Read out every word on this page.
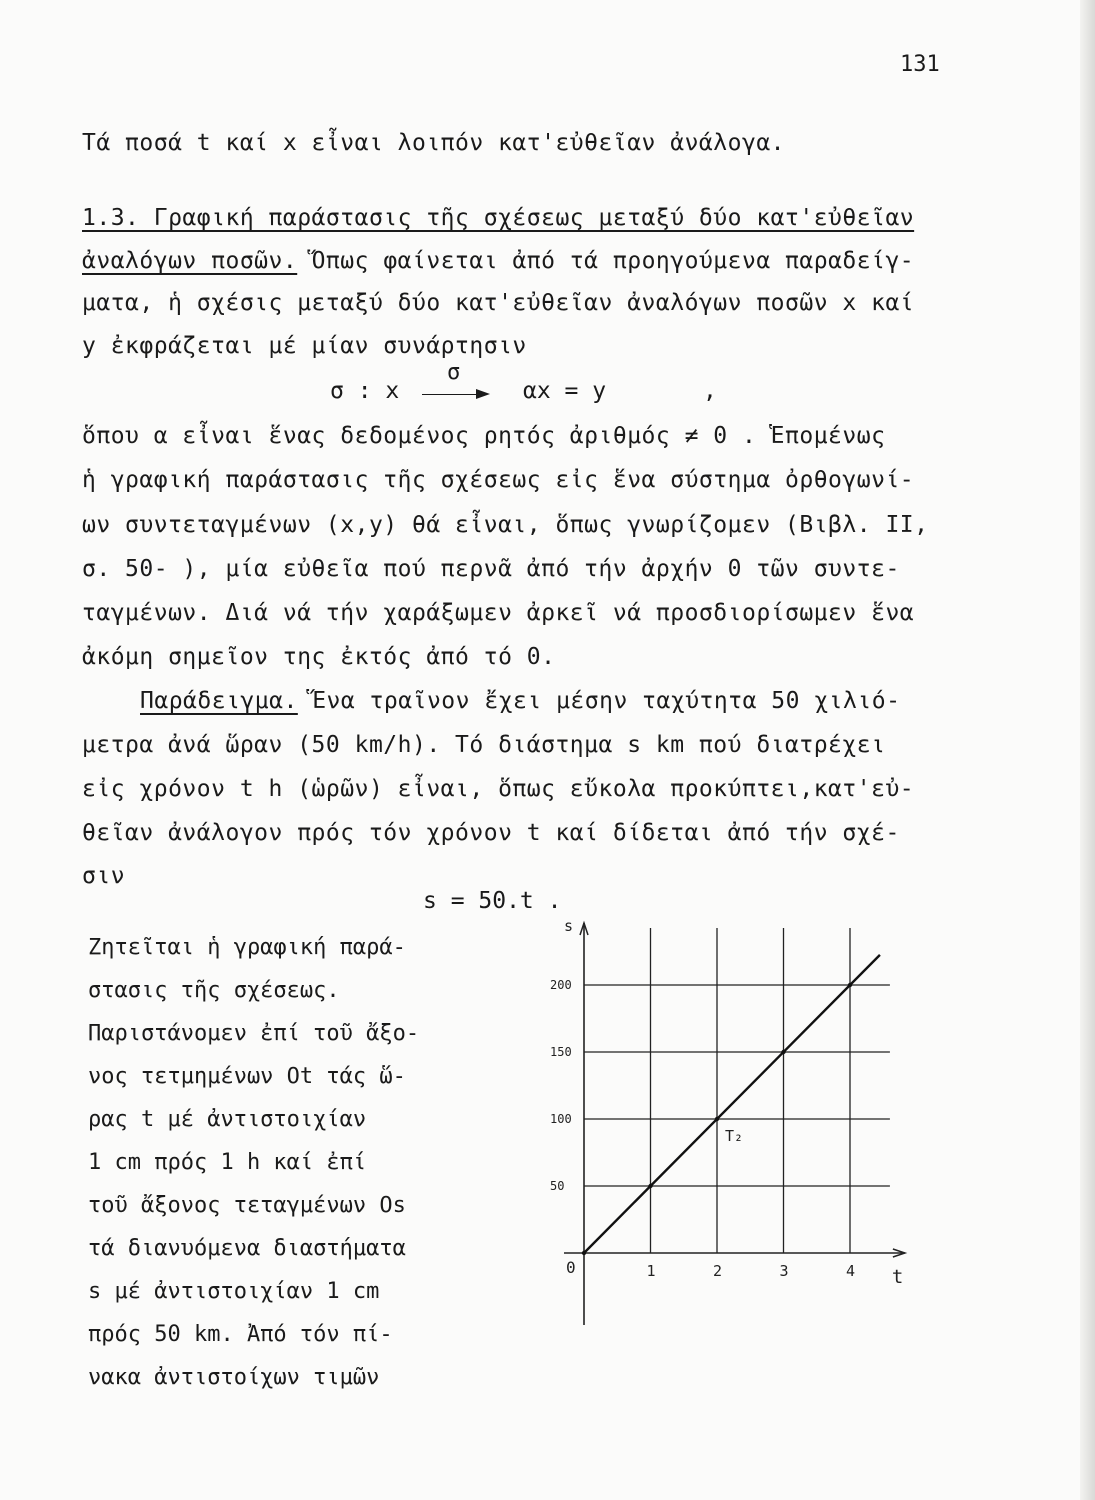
131
Τά ποσά t καί x εἶναι λοιπόν κατ'εὐθεῖαν ἀνάλογα.
1.3. Γραφική παράστασις τῆς σχέσεως μεταξύ δύο κατ'εὐθεῖαν
ἀναλόγων ποσῶν. Ὅπως φαίνεται ἀπό τά προηγούμενα παραδείγ-
ματα, ἡ σχέσις μεταξύ δύο κατ'εὐθεῖαν ἀναλόγων ποσῶν x καί
y ἐκφράζεται μέ μίαν συνάρτησιν
σ : x
σ
αx = y	,
ὅπου α εἶναι ἕνας δεδομένος ρητός ἀριθμός ≠ 0 . Ἑπομένως
ἡ γραφική παράστασις τῆς σχέσεως εἰς ἕνα σύστημα ὀρθογωνί-
ων συντεταγμένων (x,y) θά εἶναι, ὅπως γνωρίζομεν (Βιβλ. ΙΙ,
σ. 50- ), μία εὐθεῖα πού περνᾶ ἀπό τήν ἀρχήν 0 τῶν συντε-
ταγμένων. Διά νά τήν χαράξωμεν ἀρκεῖ νά προσδιορίσωμεν ἕνα
ἀκόμη σημεῖον της ἐκτός ἀπό τό 0.
Παράδειγμα. Ἕνα τραῖνον ἔχει μέσην ταχύτητα 50 χιλιό-
μετρα ἀνά ὥραν (50 km/h). Τό διάστημα s km πού διατρέχει
εἰς χρόνον t h (ὡρῶν) εἶναι, ὅπως εὔκολα προκύπτει,κατ'εὐ-
θεῖαν ἀνάλογον πρός τόν χρόνον t καί δίδεται ἀπό τήν σχέ-
σιν
s = 50.t .
Ζητεῖται ἡ γραφική παρά-
στασις τῆς σχέσεως.
Παριστάνομεν ἐπί τοῦ ἄξο-
νος τετμημένων Οt τάς ὥ-
ρας t μέ ἀντιστοιχίαν
1 cm πρός 1 h καί ἐπί
τοῦ ἄξονος τεταγμένων Οs
τά διανυόμενα διαστήματα
s μέ ἀντιστοιχίαν 1 cm
πρός 50 km. Ἀπό τόν πί-
νακα ἀντιστοίχων τιμῶν
1	2	3	4
50
100
150
200
0
s
t
T₂
